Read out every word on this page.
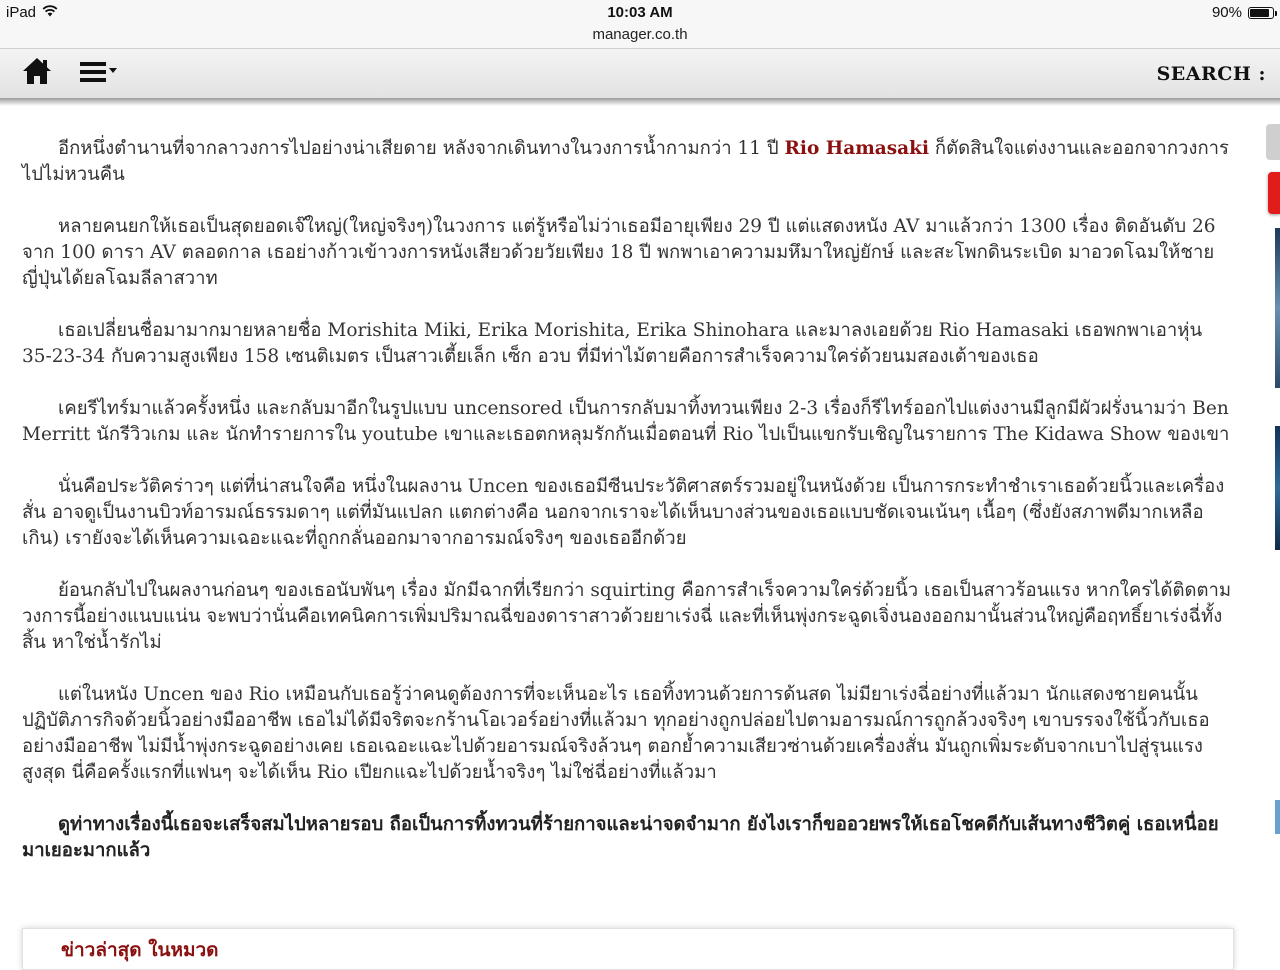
iPad	10:03 AM	90%
manager.co.th
SEARCH :

อีกหนึ่งตำนานที่จากลาวงการไปอย่างน่าเสียดาย หลังจากเดินทางในวงการน้ำกามกว่า 11 ปี Rio Hamasaki ก็ตัดสินใจแต่งงานและออกจากวงการไปไม่หวนคืน

หลายคนยกให้เธอเป็นสุดยอดเจ๊ใหญ่(ใหญ่จริงๆ)ในวงการ แต่รู้หรือไม่ว่าเธอมีอายุเพียง 29 ปี แต่แสดงหนัง AV มาแล้วกว่า 1300 เรื่อง ติดอันดับ 26 จาก 100 ดารา AV ตลอดกาล เธอย่างก้าวเข้าวงการหนังเสียวด้วยวัยเพียง 18 ปี พกพาเอาความมหึมาใหญ่ยักษ์ และสะโพกดินระเบิด มาอวดโฉมให้ชายญี่ปุ่นได้ยลโฉมลีลาสวาท

เธอเปลี่ยนชื่อมามากมายหลายชื่อ Morishita Miki, Erika Morishita, Erika Shinohara และมาลงเอยด้วย Rio Hamasaki เธอพกพาเอาหุ่น 35-23-34 กับความสูงเพียง 158 เซนติเมตร เป็นสาวเตี้ยเล็ก เซ็ก อวบ ที่มีท่าไม้ตายคือการสำเร็จความใคร่ด้วยนมสองเต้าของเธอ

เคยรีไทร์มาแล้วครั้งหนึ่ง และกลับมาอีกในรูปแบบ uncensored เป็นการกลับมาทิ้งทวนเพียง 2-3 เรื่องก็รีไทร์ออกไปแต่งงานมีลูกมีผัวฝรั่งนามว่า Ben Merritt นักรีวิวเกม และ นักทำรายการใน youtube เขาและเธอตกหลุมรักกันเมื่อตอนที่ Rio ไปเป็นแขกรับเชิญในรายการ The Kidawa Show ของเขา

นั่นคือประวัติคร่าวๆ แต่ที่น่าสนใจคือ หนึ่งในผลงาน Uncen ของเธอมีซีนประวัติศาสตร์รวมอยู่ในหนังด้วย เป็นการกระทำชำเราเธอด้วยนิ้วและเครื่องสั่น อาจดูเป็นงานบิวท์อารมณ์ธรรมดาๆ แต่ที่มันแปลก แตกต่างคือ นอกจากเราจะได้เห็นบางส่วนของเธอแบบชัดเจนเน้นๆ เนื้อๆ (ซึ่งยังสภาพดีมากเหลือเกิน) เรายังจะได้เห็นความเฉอะแฉะที่ถูกกลั่นออกมาจากอารมณ์จริงๆ ของเธออีกด้วย

ย้อนกลับไปในผลงานก่อนๆ ของเธอนับพันๆ เรื่อง มักมีฉากที่เรียกว่า squirting คือการสำเร็จความใคร่ด้วยนิ้ว เธอเป็นสาวร้อนแรง หากใครได้ติดตามวงการนี้อย่างแนบแน่น จะพบว่านั่นคือเทคนิคการเพิ่มปริมาณฉี่ของดาราสาวด้วยยาเร่งฉี่ และที่เห็นพุ่งกระฉูดเจิ่งนองออกมานั้นส่วนใหญ่คือฤทธิ์ยาเร่งฉี่ทั้งสิ้น หาใช่น้ำรักไม่

แต่ในหนัง Uncen ของ Rio เหมือนกับเธอรู้ว่าคนดูต้องการที่จะเห็นอะไร เธอทิ้งทวนด้วยการด้นสด ไม่มียาเร่งฉี่อย่างที่แล้วมา นักแสดงชายคนนั้นปฏิบัติภารกิจด้วยนิ้วอย่างมืออาชีพ เธอไม่ได้มีจริตจะกร้านโอเวอร์อย่างที่แล้วมา ทุกอย่างถูกปล่อยไปตามอารมณ์การถูกล้วงจริงๆ เขาบรรจงใช้นิ้วกับเธออย่างมืออาชีพ ไม่มีน้ำพุ่งกระฉูดอย่างเคย เธอเฉอะแฉะไปด้วยอารมณ์จริงล้วนๆ ตอกย้ำความเสียวซ่านด้วยเครื่องสั่น มันถูกเพิ่มระดับจากเบาไปสู่รุนแรงสูงสุด นี่คือครั้งแรกที่แฟนๆ จะได้เห็น Rio เปียกแฉะไปด้วยน้ำจริงๆ ไม่ใช่ฉี่อย่างที่แล้วมา

ดูท่าทางเรื่องนี้เธอจะเสร็จสมไปหลายรอบ ถือเป็นการทิ้งทวนที่ร้ายกาจและน่าจดจำมาก ยังไงเราก็ขออวยพรให้เธอโชคดีกับเส้นทางชีวิตคู่ เธอเหนื่อยมาเยอะมากแล้ว

ข่าวล่าสุด ในหมวด
